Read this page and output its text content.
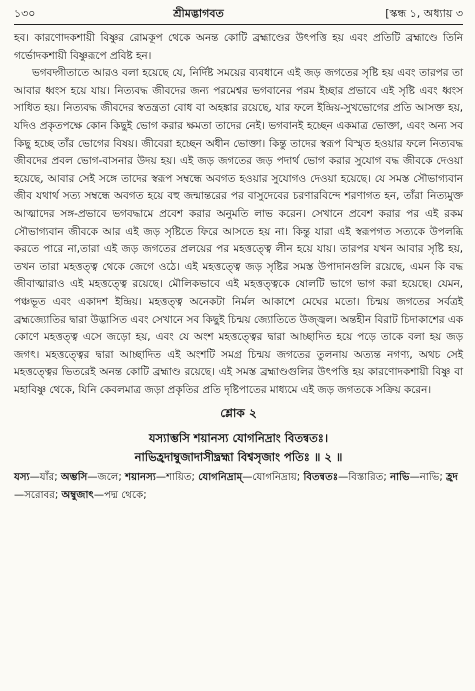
১৩০	শ্রীমদ্ভাগবত	[স্কন্ধ ১, অধ্যায় ৩

হব। কারণোদকশায়ী বিষ্ণুর রোমকূপ থেকে অনন্ত কোটি ব্রহ্মাণ্ডের উৎপত্তি হয় এবং প্রতিটি ব্রহ্মাণ্ডে তিনি গর্ভোদকশায়ী বিষ্ণুরূপে প্রবিষ্ট হন।

ভগবদ্গীতাতে আরও বলা হয়েছে যে, নির্দিষ্ট সময়ের ব্যবধানে এই জড় জগতের সৃষ্টি হয় এবং তারপর তা আবার ধ্বংস হয়ে যায়। নিত্যবদ্ধ জীবদের জন্য পরমেশ্বর ভগবানের পরম ইচ্ছার প্রভাবে এই সৃষ্টি এবং ধ্বংস সাধিত হয়। নিত্যবদ্ধ জীবদের স্বতন্ত্রতা বোধ বা অহঙ্কার রয়েছে, যার ফলে ইন্দ্রিয়-সুখভোগের প্রতি আসক্ত হয়, যদিও প্রকৃতপক্ষে কোন কিছুই ভোগ করার ক্ষমতা তাদের নেই। ভগবানই হচ্ছেন একমাত্র ভোক্তা, এবং অন্য সব কিছু হচ্ছে তাঁর ভোগের বিষয়। জীবেরা হচ্ছেন অধীন ভোক্তা। কিন্তু তাদের স্বরূপ বিস্মৃত হওয়ার ফলে নিত্যবদ্ধ জীবদের প্রবল ভোগ-বাসনার উদয় হয়। এই জড় জগতের জড় পদার্থ ভোগ করার সুযোগ বদ্ধ জীবকে দেওয়া হয়েছে, আবার সেই সঙ্গে তাদের স্বরূপ সম্বন্ধে অবগত হওয়ার সুযোগও দেওয়া হয়েছে। যে সমস্ত সৌভাগ্যবান জীব যথার্থ সত্য সম্বন্ধে অবগত হয়ে বহু জন্মান্তরের পর বাসুদেবের চরণারবিন্দে শরণাগত হন, তাঁরা নিত্যমুক্ত আত্মাদের সঙ্গ-প্রভাবে ভগবদ্ধামে প্রবেশ করার অনুমতি লাভ করেন। সেখানে প্রবেশ করার পর এই রকম সৌভাগ্যবান জীবকে আর এই জড় সৃষ্টিতে ফিরে আসতে হয় না। কিন্তু যারা এই স্বরূপগত সত্যকে উপলব্ধি করতে পারে না,তারা এই জড় জগতের প্রলয়ের পর মহত্তত্ত্বে লীন হয়ে যায়। তারপর যখন আবার সৃষ্টি হয়, তখন তারা মহত্তত্ত্ব থেকে জেগে ওঠে। এই মহত্তত্ত্বে জড় সৃষ্টির সমস্ত উপাদানগুলি রয়েছে, এমন কি বদ্ধ জীবাত্মারাও এই মহত্তত্ত্বে রয়েছে। মৌলিকভাবে এই মহত্তত্ত্বকে ষোলটি ভাগে ভাগ করা হয়েছে। যেমন, পঞ্চভূত এবং একাদশ ইন্দ্রিয়। মহত্তত্ত্ব অনেকটা নির্মল আকাশে মেঘের মতো। চিন্ময় জগতের সর্বত্রই ব্রহ্মজ্যোতির দ্বারা উদ্ভাসিত এবং সেখানে সব কিছুই চিন্ময় জ্যোতিতে উজ্জ্বল। অন্তহীন বিরাট চিদাকাশের এক কোণে মহত্তত্ত্ব এসে জড়ো হয়, এবং যে অংশ মহত্তত্ত্বের দ্বারা আচ্ছাদিত হয়ে পড়ে তাকে বলা হয় জড় জগৎ। মহত্তত্ত্বের দ্বারা আচ্ছাদিত এই অংশটি সমগ্র চিন্ময় জগতের তুলনায় অত্যন্ত নগণ্য, অথচ সেই মহত্তত্ত্বের ভিতরেই অনন্ত কোটি ব্রহ্মাণ্ড রয়েছে। এই সমস্ত ব্রহ্মাণ্ডগুলির উৎপত্তি হয় কারণোদকশায়ী বিষ্ণু বা মহাবিষ্ণু থেকে, যিনি কেবলমাত্র জড়া প্রকৃতির প্রতি দৃষ্টিপাতের মাধ্যমে এই জড় জগতকে সক্রিয় করেন।

শ্লোক ২
যস্যাম্ভসি শয়ানস্য যোগনিদ্রাং বিতন্বতঃ।
নাভিহ্রদাম্বুজাদাসীদ্ব্রহ্মা বিশ্বসৃজাং পতিঃ ॥ ২ ॥
যস্য—যাঁর; অম্ভসি—জলে; শয়ানস্য—শায়িত; যোগনিদ্রাম্—যোগনিদ্রায়; বিতন্বতঃ—বিস্তারিত; নাভি—নাভি; হ্রদ—সরোবর; অম্বুজাৎ—পদ্ম থেকে;
